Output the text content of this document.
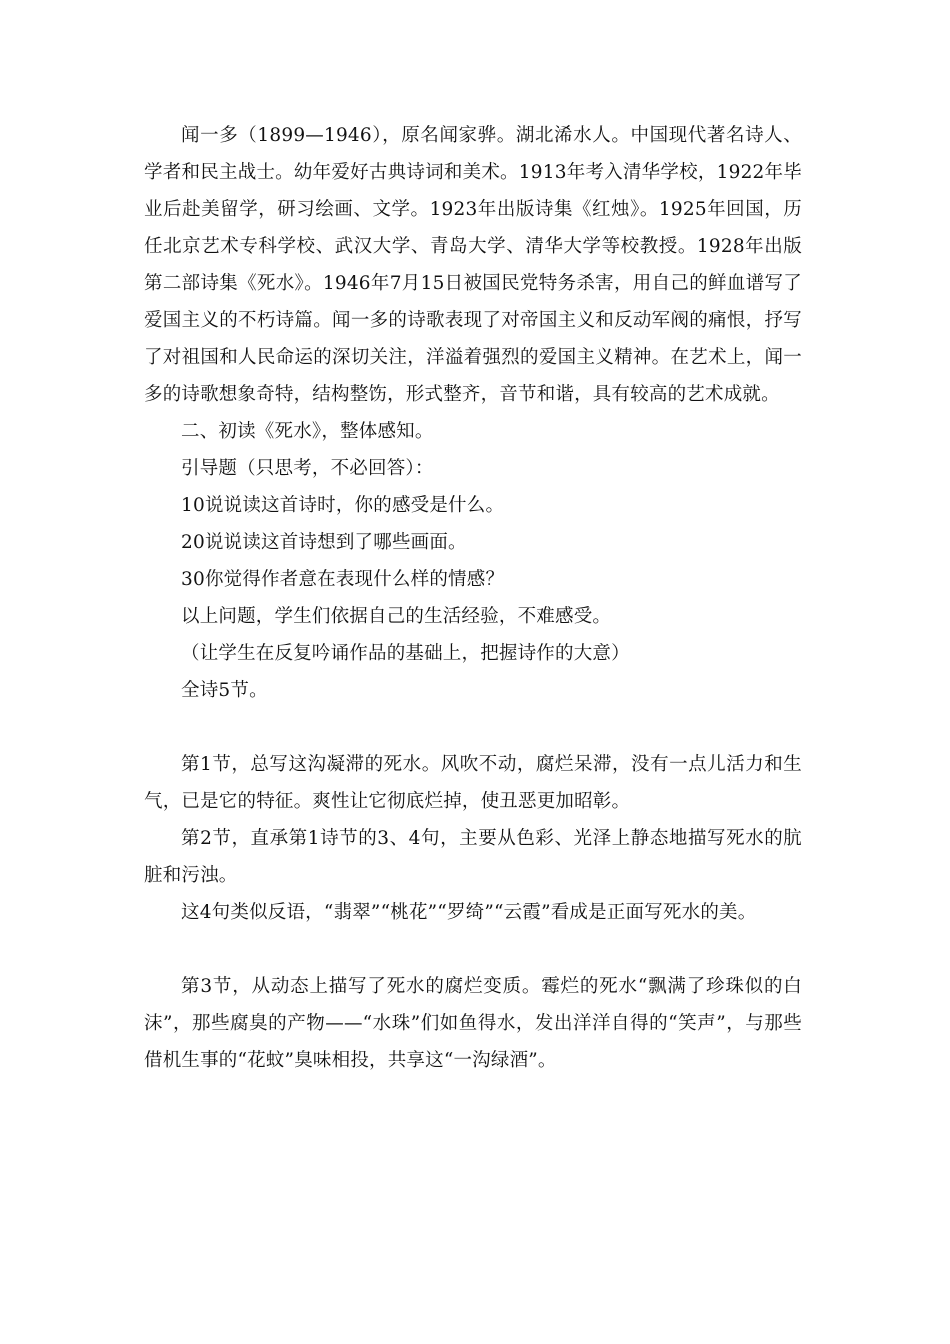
闻一多（1899—1946），原名闻家骅。湖北浠水人。中国现代著名诗人、学者和民主战士。幼年爱好古典诗词和美术。1913年考入清华学校，1922年毕业后赴美留学，研习绘画、文学。1923年出版诗集《红烛》。1925年回国，历任北京艺术专科学校、武汉大学、青岛大学、清华大学等校教授。1928年出版第二部诗集《死水》。1946年7月15日被国民党特务杀害，用自己的鲜血谱写了爱国主义的不朽诗篇。闻一多的诗歌表现了对帝国主义和反动军阀的痛恨，抒写了对祖国和人民命运的深切关注，洋溢着强烈的爱国主义精神。在艺术上，闻一多的诗歌想象奇特，结构整饬，形式整齐，音节和谐，具有较高的艺术成就。

二、初读《死水》，整体感知。

引导题（只思考，不必回答）：

10说说读这首诗时，你的感受是什么。

20说说读这首诗想到了哪些画面。

30你觉得作者意在表现什么样的情感？

以上问题，学生们依据自己的生活经验，不难感受。

（让学生在反复吟诵作品的基础上，把握诗作的大意）

全诗5节。

第1节，总写这沟凝滞的死水。风吹不动，腐烂呆滞，没有一点儿活力和生气，已是它的特征。爽性让它彻底烂掉，使丑恶更加昭彰。

第2节，直承第1诗节的3、4句，主要从色彩、光泽上静态地描写死水的肮脏和污浊。

这4句类似反语，“翡翠”“桃花”“罗绮”“云霞”看成是正面写死水的美。

第3节，从动态上描写了死水的腐烂变质。霉烂的死水“飘满了珍珠似的白沫”，那些腐臭的产物——“水珠”们如鱼得水，发出洋洋自得的“笑声”，与那些借机生事的“花蚊”臭味相投，共享这“一沟绿酒”。
